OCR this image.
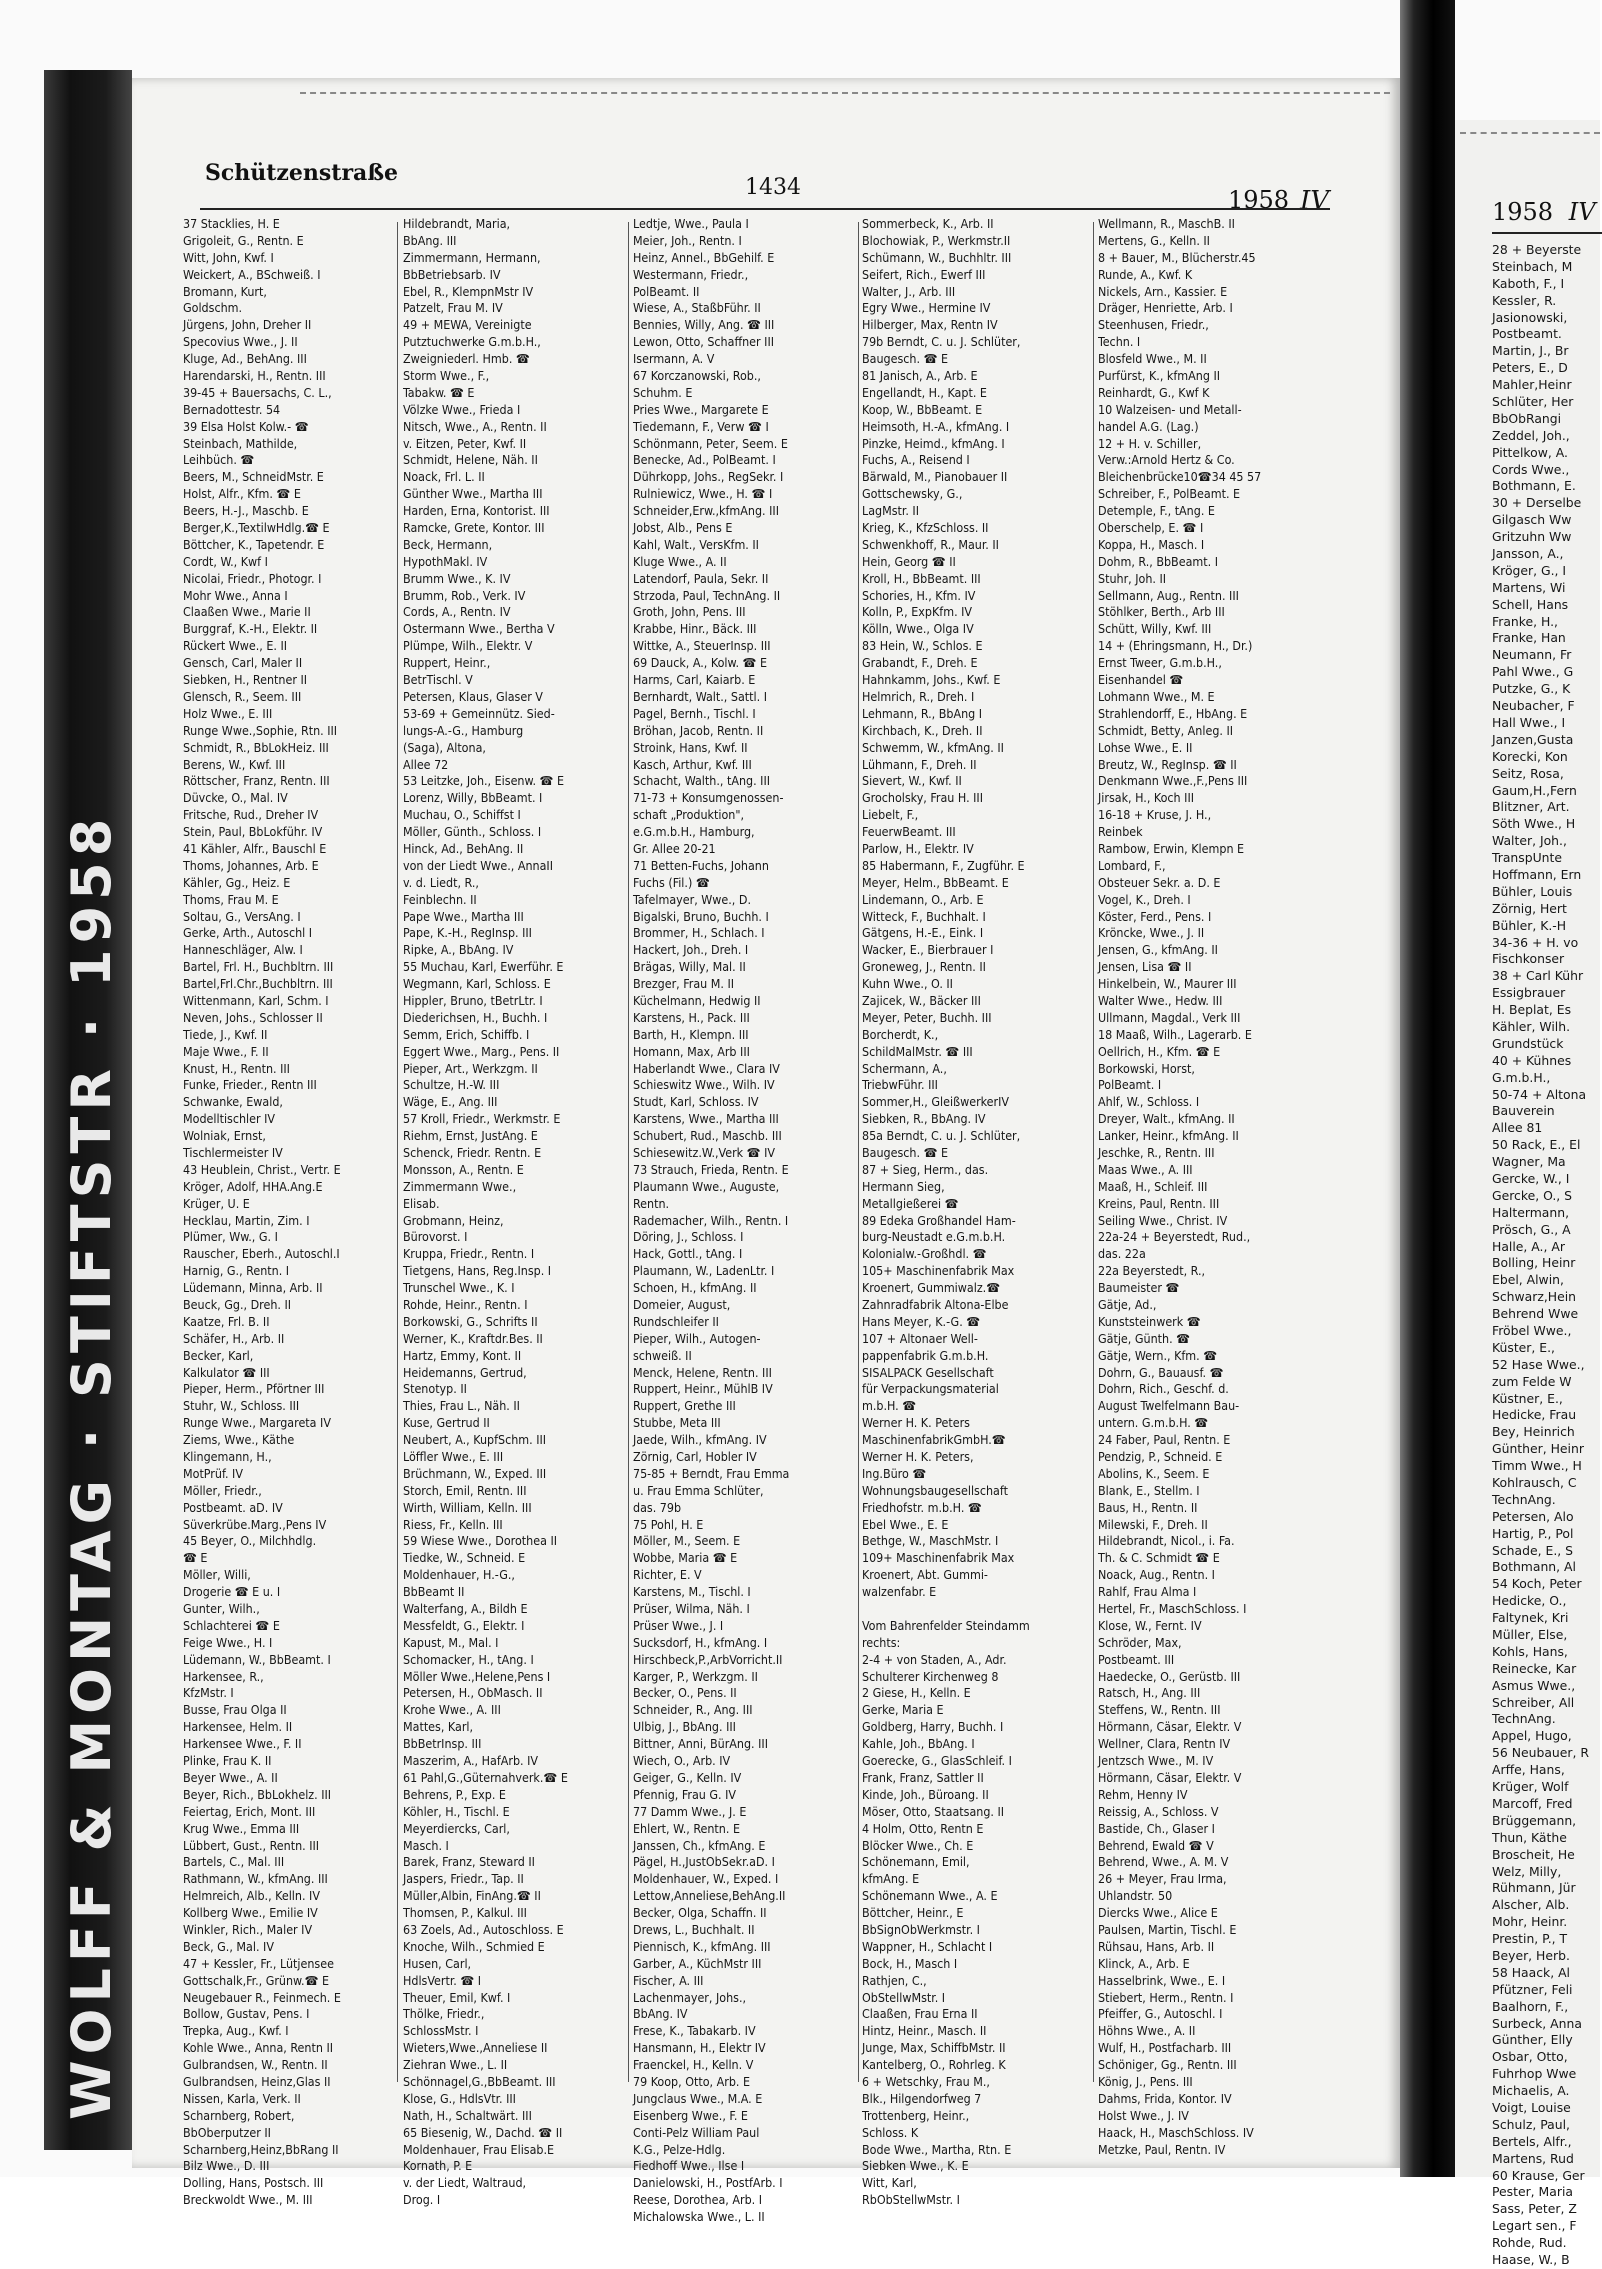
WOLFF & MONTAG · STIFTSTR · 1958
Schützenstraße
1434	1958 IV	1958 IV
37 Stacklies, H. E
Grigoleit, G., Rentn. E
Witt, John, Kwf. I
Weickert, A., BSchweiß. I
Bromann, Kurt,
Goldschm.
Jürgens, John, Dreher II
Specovius Wwe., J. II
Kluge, Ad., BehAng. III
Harendarski, H., Rentn. III
39-45 + Bauersachs, C. L.,
Bernadottestr. 54
39 Elsa Holst Kolw.- ☎
Steinbach, Mathilde,
Leihbüch. ☎
Beers, M., SchneidMstr. E
Holst, Alfr., Kfm. ☎ E
Beers, H.-J., Maschb. E
Berger,K.,TextilwHdlg.☎ E
Böttcher, K., Tapetendr. E
Cordt, W., Kwf I
Nicolai, Friedr., Photogr. I
Mohr Wwe., Anna I
Claaßen Wwe., Marie II
Burggraf, K.-H., Elektr. II
Rückert Wwe., E. II
Gensch, Carl, Maler II
Siebken, H., Rentner II
Glensch, R., Seem. III
Holz Wwe., E. III
Runge Wwe.,Sophie, Rtn. III
Schmidt, R., BbLokHeiz. III
Berens, W., Kwf. III
Röttscher, Franz, Rentn. III
Düvcke, O., Mal. IV
Fritsche, Rud., Dreher IV
Stein, Paul, BbLokführ. IV
41 Kähler, Alfr., Bauschl E
Thoms, Johannes, Arb. E
Kähler, Gg., Heiz. E
Thoms, Frau M. E
Soltau, G., VersAng. I
Gerke, Arth., Autoschl I
Hanneschläger, Alw. I
Bartel, Frl. H., Buchbltrn. III
Bartel,Frl.Chr.,Buchbltrn. III
Wittenmann, Karl, Schm. I
Neven, Johs., Schlosser II
Tiede, J., Kwf. II
Maje Wwe., F. II
Knust, H., Rentn. III
Funke, Frieder., Rentn III
Schwanke, Ewald,
Modelltischler IV
Wolniak, Ernst,
Tischlermeister IV
43 Heublein, Christ., Vertr. E
Kröger, Adolf, HHA.Ang.E
Krüger, U. E
Hecklau, Martin, Zim. I
Plümer, Ww., G. I
Rauscher, Eberh., Autoschl.I
Harnig, G., Rentn. I
Lüdemann, Minna, Arb. II
Beuck, Gg., Dreh. II
Kaatze, Frl. B. II
Schäfer, H., Arb. II
Becker, Karl,
Kalkulator ☎ III
Pieper, Herm., Pförtner III
Stuhr, W., Schloss. III
Runge Wwe., Margareta IV
Ziems, Wwe., Käthe
Klingemann, H.,
MotPrüf. IV
Möller, Friedr.,
Postbeamt. aD. IV
Süverkrübe.Marg.,Pens IV
45 Beyer, O., Milchhdlg.
☎ E
Möller, Willi,
Drogerie ☎ E u. I
Gunter, Wilh.,
Schlachterei ☎ E
Feige Wwe., H. I
Lüdemann, W., BbBeamt. I
Harkensee, R.,
KfzMstr. I
Busse, Frau Olga II
Harkensee, Helm. II
Harkensee Wwe., F. II
Plinke, Frau K. II
Beyer Wwe., A. II
Beyer, Rich., BbLokhelz. III
Feiertag, Erich, Mont. III
Krug Wwe., Emma III
Lübbert, Gust., Rentn. III
Bartels, C., Mal. III
Rathmann, W., kfmAng. III
Helmreich, Alb., Kelln. IV
Kollberg Wwe., Emilie IV
Winkler, Rich., Maler IV
Beck, G., Mal. IV
47 + Kessler, Fr., Lütjensee
Gottschalk,Fr., Grünw.☎ E
Neugebauer R., Feinmech. E
Bollow, Gustav, Pens. I
Trepka, Aug., Kwf. I
Kohle Wwe., Anna, Rentn II
Gulbrandsen, W., Rentn. II
Gulbrandsen, Heinz,Glas II
Nissen, Karla, Verk. II
Scharnberg, Robert,
BbOberputzer II
Scharnberg,Heinz,BbRang II
Bilz Wwe., D. III
Dolling, Hans, Postsch. III
Breckwoldt Wwe., M. III
Hildebrandt, Maria,
BbAng. III
Zimmermann, Hermann,
BbBetriebsarb. IV
Ebel, R., KlempnMstr IV
Patzelt, Frau M. IV
49 + MEWA, Vereinigte
Putztuchwerke G.m.b.H.,
Zweigniederl. Hmb. ☎
Storm Wwe., F.,
Tabakw. ☎ E
Völzke Wwe., Frieda I
Nitsch, Wwe., A., Rentn. II
v. Eitzen, Peter, Kwf. II
Schmidt, Helene, Näh. II
Noack, Frl. L. II
Günther Wwe., Martha III
Harden, Erna, Kontorist. III
Ramcke, Grete, Kontor. III
Beck, Hermann,
HypothMakl. IV
Brumm Wwe., K. IV
Brumm, Rob., Verk. IV
Cords, A., Rentn. IV
Ostermann Wwe., Bertha V
Plümpe, Wilh., Elektr. V
Ruppert, Heinr.,
BetrTischl. V
Petersen, Klaus, Glaser V
53-69 + Gemeinnütz. Sied-
lungs-A.-G., Hamburg
(Saga), Altona,
Allee 72
53 Leitzke, Joh., Eisenw. ☎ E
Lorenz, Willy, BbBeamt. I
Muchau, O., Schiffst I
Möller, Günth., Schloss. I
Hinck, Ad., BehAng. II
von der Liedt Wwe., AnnaII
v. d. Liedt, R.,
Feinblechn. II
Pape Wwe., Martha III
Pape, K.-H., RegInsp. III
Ripke, A., BbAng. IV
55 Muchau, Karl, Ewerführ. E
Wegmann, Karl, Schloss. E
Hippler, Bruno, tBetrLtr. I
Diederichsen, H., Buchh. I
Semm, Erich, Schiffb. I
Eggert Wwe., Marg., Pens. II
Pieper, Art., Werkzgm. II
Schultze, H.-W. III
Wäge, E., Ang. III
57 Kroll, Friedr., Werkmstr. E
Riehm, Ernst, JustAng. E
Schenck, Friedr. Rentn. E
Monsson, A., Rentn. E
Zimmermann Wwe.,
Elisab.
Grobmann, Heinz,
Bürovorst. I
Kruppa, Friedr., Rentn. I
Tietgens, Hans, Reg.Insp. I
Trunschel Wwe., K. I
Rohde, Heinr., Rentn. I
Borkowski, G., Schrifts II
Werner, K., Kraftdr.Bes. II
Hartz, Emmy, Kont. II
Heidemanns, Gertrud,
Stenotyp. II
Thies, Frau L., Näh. II
Kuse, Gertrud II
Neubert, A., KupfSchm. III
Löffler Wwe., E. III
Brüchmann, W., Exped. III
Storch, Emil, Rentn. III
Wirth, William, Kelln. III
Riess, Fr., Kelln. III
59 Wiese Wwe., Dorothea II
Tiedke, W., Schneid. E
Moldenhauer, H.-G.,
BbBeamt II
Walterfang, A., Bildh E
Messfeldt, G., Elektr. I
Kapust, M., Mal. I
Schomacker, H., tAng. I
Möller Wwe.,Helene,Pens I
Petersen, H., ObMasch. II
Krohe Wwe., A. III
Mattes, Karl,
BbBetrInsp. III
Maszerim, A., HafArb. IV
61 Pahl,G.,Güternahverk.☎ E
Behrens, P., Exp. E
Köhler, H., Tischl. E
Meyerdiercks, Carl,
Masch. I
Barek, Franz, Steward II
Jaspers, Friedr., Tap. II
Müller,Albin, FinAng.☎ II
Thomsen, P., Kalkul. III
63 Zoels, Ad., Autoschloss. E
Knoche, Wilh., Schmied E
Husen, Carl,
HdlsVertr. ☎ I
Theuer, Emil, Kwf. I
Thölke, Friedr.,
SchlossMstr. I
Wieters,Wwe.,Anneliese II
Ziehran Wwe., L. II
Schönnagel,G.,BbBeamt. III
Klose, G., HdlsVtr. III
Nath, H., Schaltwärt. III
65 Biesenig, W., Dachd. ☎ II
Moldenhauer, Frau Elisab.E
Kornath, P. E
v. der Liedt, Waltraud,
Drog. I
Ledtje, Wwe., Paula I
Meier, Joh., Rentn. I
Heinz, Annel., BbGehilf. E
Westermann, Friedr.,
PolBeamt. II
Wiese, A., StaßbFühr. II
Bennies, Willy, Ang. ☎ III
Lewon, Otto, Schaffner III
Isermann, A. V
67 Korczanowski, Rob.,
Schuhm. E
Pries Wwe., Margarete E
Tiedemann, F., Verw ☎ I
Schönmann, Peter, Seem. E
Benecke, Ad., PolBeamt. I
Dührkopp, Johs., RegSekr. I
Rulniewicz, Wwe., H. ☎ I
Schneider,Erw.,kfmAng. III
Jobst, Alb., Pens E
Kahl, Walt., VersKfm. II
Kluge Wwe., A. II
Latendorf, Paula, Sekr. II
Strzoda, Paul, TechnAng. II
Groth, John, Pens. III
Krabbe, Hinr., Bäck. III
Wittke, A., SteuerInsp. III
69 Dauck, A., Kolw. ☎ E
Harms, Carl, Kaiarb. E
Bernhardt, Walt., Sattl. I
Pagel, Bernh., Tischl. I
Bröhan, Jacob, Rentn. II
Stroink, Hans, Kwf. II
Kasch, Arthur, Kwf. III
Schacht, Walth., tAng. III
71-73 + Konsumgenossen-
schaft „Produktion",
e.G.m.b.H., Hamburg,
Gr. Allee 20-21
71 Betten-Fuchs, Johann
Fuchs (Fil.) ☎
Tafelmayer, Wwe., D.
Bigalski, Bruno, Buchh. I
Brommer, H., Schlach. I
Hackert, Joh., Dreh. I
Brägas, Willy, Mal. II
Brezger, Frau M. II
Küchelmann, Hedwig II
Karstens, H., Pack. III
Barth, H., Klempn. III
Homann, Max, Arb III
Haberlandt Wwe., Clara IV
Schieswitz Wwe., Wilh. IV
Studt, Karl, Schloss. IV
Karstens, Wwe., Martha III
Schubert, Rud., Maschb. III
Schiesewitz.W.,Verk ☎ IV
73 Strauch, Frieda, Rentn. E
Plaumann Wwe., Auguste,
Rentn.
Rademacher, Wilh., Rentn. I
Döring, J., Schloss. I
Hack, Gottl., tAng. I
Plaumann, W., LadenLtr. I
Schoen, H., kfmAng. II
Domeier, August,
Rundschleifer II
Pieper, Wilh., Autogen-
schweiß. II
Menck, Helene, Rentn. III
Ruppert, Heinr., MühlB IV
Ruppert, Grethe III
Stubbe, Meta III
Jaede, Wilh., kfmAng. IV
Zörnig, Carl, Hobler IV
75-85 + Berndt, Frau Emma
u. Frau Emma Schlüter,
das. 79b
75 Pohl, H. E
Möller, M., Seem. E
Wobbe, Maria ☎ E
Richter, E. V
Karstens, M., Tischl. I
Prüser, Wilma, Näh. I
Prüser Wwe., J. I
Sucksdorf, H., kfmAng. I
Hirschbeck,P.,ArbVorricht.II
Karger, P., Werkzgm. II
Becker, O., Pens. II
Schneider, R., Ang. III
Ulbig, J., BbAng. III
Bittner, Anni, BürAng. III
Wiech, O., Arb. IV
Geiger, G., Kelln. IV
Pfennig, Frau G. IV
77 Damm Wwe., J. E
Ehlert, W., Rentn. E
Janssen, Ch., kfmAng. E
Pägel, H.,JustObSekr.aD. I
Moldenhauer, W., Exped. I
Lettow,Anneliese,BehAng.II
Becker, Olga, Schaffn. II
Drews, L., Buchhalt. II
Piennisch, K., kfmAng. III
Garber, A., KüchMstr III
Fischer, A. III
Lachenmayer, Johs.,
BbAng. IV
Frese, K., Tabakarb. IV
Hansmann, H., Elektr IV
Fraenckel, H., Kelln. V
79 Koop, Otto, Arb. E
Jungclaus Wwe., M.A. E
Eisenberg Wwe., F. E
Conti-Pelz William Paul
K.G., Pelze-Hdlg.
Fiedhoff Wwe., Ilse I
Danielowski, H., PostfArb. I
Reese, Dorothea, Arb. I
Michalowska Wwe., L. II
Sommerbeck, K., Arb. II
Blochowiak, P., Werkmstr.II
Schümann, W., Buchhltr. III
Seifert, Rich., Ewerf III
Walter, J., Arb. III
Egry Wwe., Hermine IV
Hilberger, Max, Rentn IV
79b Berndt, C. u. J. Schlüter,
Baugesch. ☎ E
81 Janisch, A., Arb. E
Engellandt, H., Kapt. E
Koop, W., BbBeamt. E
Heimsoth, H.-A., kfmAng. I
Pinzke, Heimd., kfmAng. I
Fuchs, A., Reisend I
Bärwald, M., Pianobauer II
Gottschewsky, G.,
LagMstr. II
Krieg, K., KfzSchloss. II
Schwenkhoff, R., Maur. II
Hein, Georg ☎ II
Kroll, H., BbBeamt. III
Schories, H., Kfm. IV
Kolln, P., ExpKfm. IV
Kölln, Wwe., Olga IV
83 Hein, W., Schlos. E
Grabandt, F., Dreh. E
Hahnkamm, Johs., Kwf. E
Helmrich, R., Dreh. I
Lehmann, R., BbAng I
Kirchbach, K., Dreh. II
Schwemm, W., kfmAng. II
Lühmann, F., Dreh. II
Sievert, W., Kwf. II
Grocholsky, Frau H. III
Liebelt, F.,
FeuerwBeamt. III
Parlow, H., Elektr. IV
85 Habermann, F., Zugführ. E
Meyer, Helm., BbBeamt. E
Lindemann, O., Arb. E
Witteck, F., Buchhalt. I
Gätgens, H.-E., Eink. I
Wacker, E., Bierbrauer I
Groneweg, J., Rentn. II
Kuhn Wwe., O. II
Zajicek, W., Bäcker III
Meyer, Peter, Buchh. III
Borcherdt, K.,
SchildMalMstr. ☎ III
Schermann, A.,
TriebwFühr. III
Sommer,H., GleißwerkerIV
Siebken, R., BbAng. IV
85a Berndt, C. u. J. Schlüter,
Baugesch. ☎ E
87 + Sieg, Herm., das.
Hermann Sieg,
Metallgießerei ☎
89 Edeka Großhandel Ham-
burg-Neustadt e.G.m.b.H.
Kolonialw.-Großhdl. ☎
105+ Maschinenfabrik Max
Kroenert, Gummiwalz.☎
Zahnradfabrik Altona-Elbe
Hans Meyer, K.-G. ☎
107 + Altonaer Well-
pappenfabrik G.m.b.H.
SISALPACK Gesellschaft
für Verpackungsmaterial
m.b.H. ☎
Werner H. K. Peters
MaschinenfabrikGmbH.☎
Werner H. K. Peters,
Ing.Büro ☎
Wohnungsbaugesellschaft
Friedhofstr. m.b.H. ☎
Ebel Wwe., E. E
Bethge, W., MaschMstr. I
109+ Maschinenfabrik Max
Kroenert, Abt. Gummi-
walzenfabr. E
Vom Bahrenfelder Steindamm
rechts:
2-4 + von Staden, A., Adr.
Schulterer Kirchenweg 8
2 Giese, H., Kelln. E
Gerke, Maria E
Goldberg, Harry, Buchh. I
Kahle, Joh., BbAng. I
Goerecke, G., GlasSchleif. I
Frank, Franz, Sattler II
Kinde, Joh., Büroang. II
Möser, Otto, Staatsang. II
4 Holm, Otto, Rentn E
Blöcker Wwe., Ch. E
Schönemann, Emil,
kfmAng. E
Schönemann Wwe., A. E
Böttcher, Heinr., E
BbSignObWerkmstr. I
Wappner, H., Schlacht I
Bock, H., Masch I
Rathjen, C.,
ObStellwMstr. I
Claaßen, Frau Erna II
Hintz, Heinr., Masch. II
Junge, Max, SchiffbMstr. II
Kantelberg, O., Rohrleg. K
6 + Wetschky, Frau M.,
Blk., Hilgendorfweg 7
Trottenberg, Heinr.,
Schloss. K
Bode Wwe., Martha, Rtn. E
Siebken Wwe., K. E
Witt, Karl,
RbObStellwMstr. I
Wellmann, R., MaschB. II
Mertens, G., Kelln. II
8 + Bauer, M., Blücherstr.45
Runde, A., Kwf. K
Nickels, Arn., Kassier. E
Dräger, Henriette, Arb. I
Steenhusen, Friedr.,
Techn. I
Blosfeld Wwe., M. II
Purfürst, K., kfmAng II
Reinhardt, G., Kwf K
10 Walzeisen- und Metall-
handel A.G. (Lag.)
12 + H. v. Schiller,
Verw.:Arnold Hertz & Co.
Bleichenbrücke10☎34 45 57
Schreiber, F., PolBeamt. E
Detemple, F., tAng. E
Oberschelp, E. ☎ I
Koppa, H., Masch. I
Dohm, R., BbBeamt. I
Stuhr, Joh. II
Sellmann, Aug., Rentn. III
Stöhlker, Berth., Arb III
Schütt, Willy, Kwf. III
14 + (Ehringsmann, H., Dr.)
Ernst Tweer, G.m.b.H.,
Eisenhandel ☎
Lohmann Wwe., M. E
Strahlendorff, E., HbAng. E
Schmidt, Betty, Anleg. II
Lohse Wwe., E. II
Breutz, W., RegInsp. ☎ II
Denkmann Wwe.,F.,Pens III
Jirsak, H., Koch III
16-18 + Kruse, J. H.,
Reinbek
Rambow, Erwin, Klempn E
Lombard, F.,
Obsteuer Sekr. a. D. E
Vogel, K., Dreh. I
Köster, Ferd., Pens. I
Kröncke, Wwe., J. II
Jensen, G., kfmAng. II
Jensen, Lisa ☎ II
Hinkelbein, W., Maurer III
Walter Wwe., Hedw. III
Ullmann, Magdal., Verk III
18 Maaß, Wilh., Lagerarb. E
Oellrich, H., Kfm. ☎ E
Borkowski, Horst,
PolBeamt. I
Ahlf, W., Schloss. I
Dreyer, Walt., kfmAng. II
Lanker, Heinr., kfmAng. II
Jeschke, R., Rentn. III
Maas Wwe., A. III
Maaß, H., Schleif. III
Kreins, Paul, Rentn. III
Seiling Wwe., Christ. IV
22a-24 + Beyerstedt, Rud.,
das. 22a
22a Beyerstedt, R.,
Baumeister ☎
Gätje, Ad.,
Kunststeinwerk ☎
Gätje, Günth. ☎
Gätje, Wern., Kfm. ☎
Dohrn, G., Bauausf. ☎
Dohrn, Rich., Geschf. d.
August Twelfelmann Bau-
untern. G.m.b.H. ☎
24 Faber, Paul, Rentn. E
Pendzig, P., Schneid. E
Abolins, K., Seem. E
Blank, E., Stellm. I
Baus, H., Rentn. II
Milewski, F., Dreh. II
Hildebrandt, Nicol., i. Fa.
Th. & C. Schmidt ☎ E
Noack, Aug., Rentn. I
Rahlf, Frau Alma I
Hertel, Fr., MaschSchloss. I
Klose, W., Fernt. IV
Schröder, Max,
Postbeamt. III
Haedecke, O., Gerüstb. III
Ratsch, H., Ang. III
Steffens, W., Rentn. III
Hörmann, Cäsar, Elektr. V
Wellner, Clara, Rentn IV
Jentzsch Wwe., M. IV
Hörmann, Cäsar, Elektr. V
Rehm, Henny IV
Reissig, A., Schloss. V
Bastide, Ch., Glaser I
Behrend, Ewald ☎ V
Behrend, Wwe., A. M. V
26 + Meyer, Frau Irma,
Uhlandstr. 50
Diercks Wwe., Alice E
Paulsen, Martin, Tischl. E
Rühsau, Hans, Arb. II
Klinck, A., Arb. E
Hasselbrink, Wwe., E. I
Stiebert, Herm., Rentn. I
Pfeiffer, G., Autoschl. I
Höhns Wwe., A. II
Wulf, H., Postfacharb. III
Schöniger, Gg., Rentn. III
König, J., Pens. III
Dahms, Frida, Kontor. IV
Holst Wwe., J. IV
Haack, H., MaschSchloss. IV
Metzke, Paul, Rentn. IV
28 + Beyerste
Steinbach, M
Kaboth, F., I
Kessler, R.
Jasionowski,
Postbeamt.
Martin, J., Br
Peters, E., D
Mahler,Heinr
Schlüter, Her
BbObRangi
Zeddel, Joh.,
Pittelkow, A.
Cords Wwe.,
Bothmann, E.
30 + Derselbe
Gilgasch Ww
Gritzuhn Ww
Jansson, A.,
Kröger, G., I
Martens, Wi
Schell, Hans
Franke, H.,
Franke, Han
Neumann, Fr
Pahl Wwe., G
Putzke, G., K
Neubacher, F
Hall Wwe., I
Janzen,Gusta
Korecki, Kon
Seitz, Rosa,
Gaum,H.,Fern
Blitzner, Art.
Söth Wwe., H
Walter, Joh.,
TranspUnte
Hoffmann, Ern
Bühler, Louis
Zörnig, Hert
Bühler, K.-H
34-36 + H. vo
Fischkonser
38 + Carl Kühr
Essigbrauer
H. Beplat, Es
Kähler, Wilh.
Grundstück
40 + Kühnes
G.m.b.H.,
50-74 + Altona
Bauverein
Allee 81
50 Rack, E., El
Wagner, Ma
Gercke, W., I
Gercke, O., S
Haltermann,
Prösch, G., A
Halle, A., Ar
Bolling, Heinr
Ebel, Alwin,
Schwarz,Hein
Behrend Wwe
Fröbel Wwe.,
Küster, E.,
52 Hase Wwe.,
zum Felde W
Küstner, E.,
Hedicke, Frau
Bey, Heinrich
Günther, Heinr
Timm Wwe., H
Kohlrausch, C
TechnAng.
Petersen, Alo
Hartig, P., Pol
Schade, E., S
Bothmann, Al
54 Koch, Peter
Hedicke, O.,
Faltynek, Kri
Müller, Else,
Kohls, Hans,
Reinecke, Kar
Asmus Wwe.,
Schreiber, All
TechnAng.
Appel, Hugo,
56 Neubauer, R
Arffe, Hans,
Krüger, Wolf
Marcoff, Fred
Brüggemann,
Thun, Käthe
Broscheit, He
Welz, Milly,
Rühmann, Jür
Alscher, Alb.
Mohr, Heinr.
Prestin, P., T
Beyer, Herb.
58 Haack, Al
Pfützner, Feli
Baalhorn, F.,
Surbeck, Anna
Günther, Elly
Osbar, Otto,
Fuhrhop Wwe
Michaelis, A.
Voigt, Louise
Schulz, Paul,
Bertels, Alfr.,
Martens, Rud
60 Krause, Ger
Pester, Maria
Sass, Peter, Z
Legart sen., F
Rohde, Rud.
Haase, W., B
